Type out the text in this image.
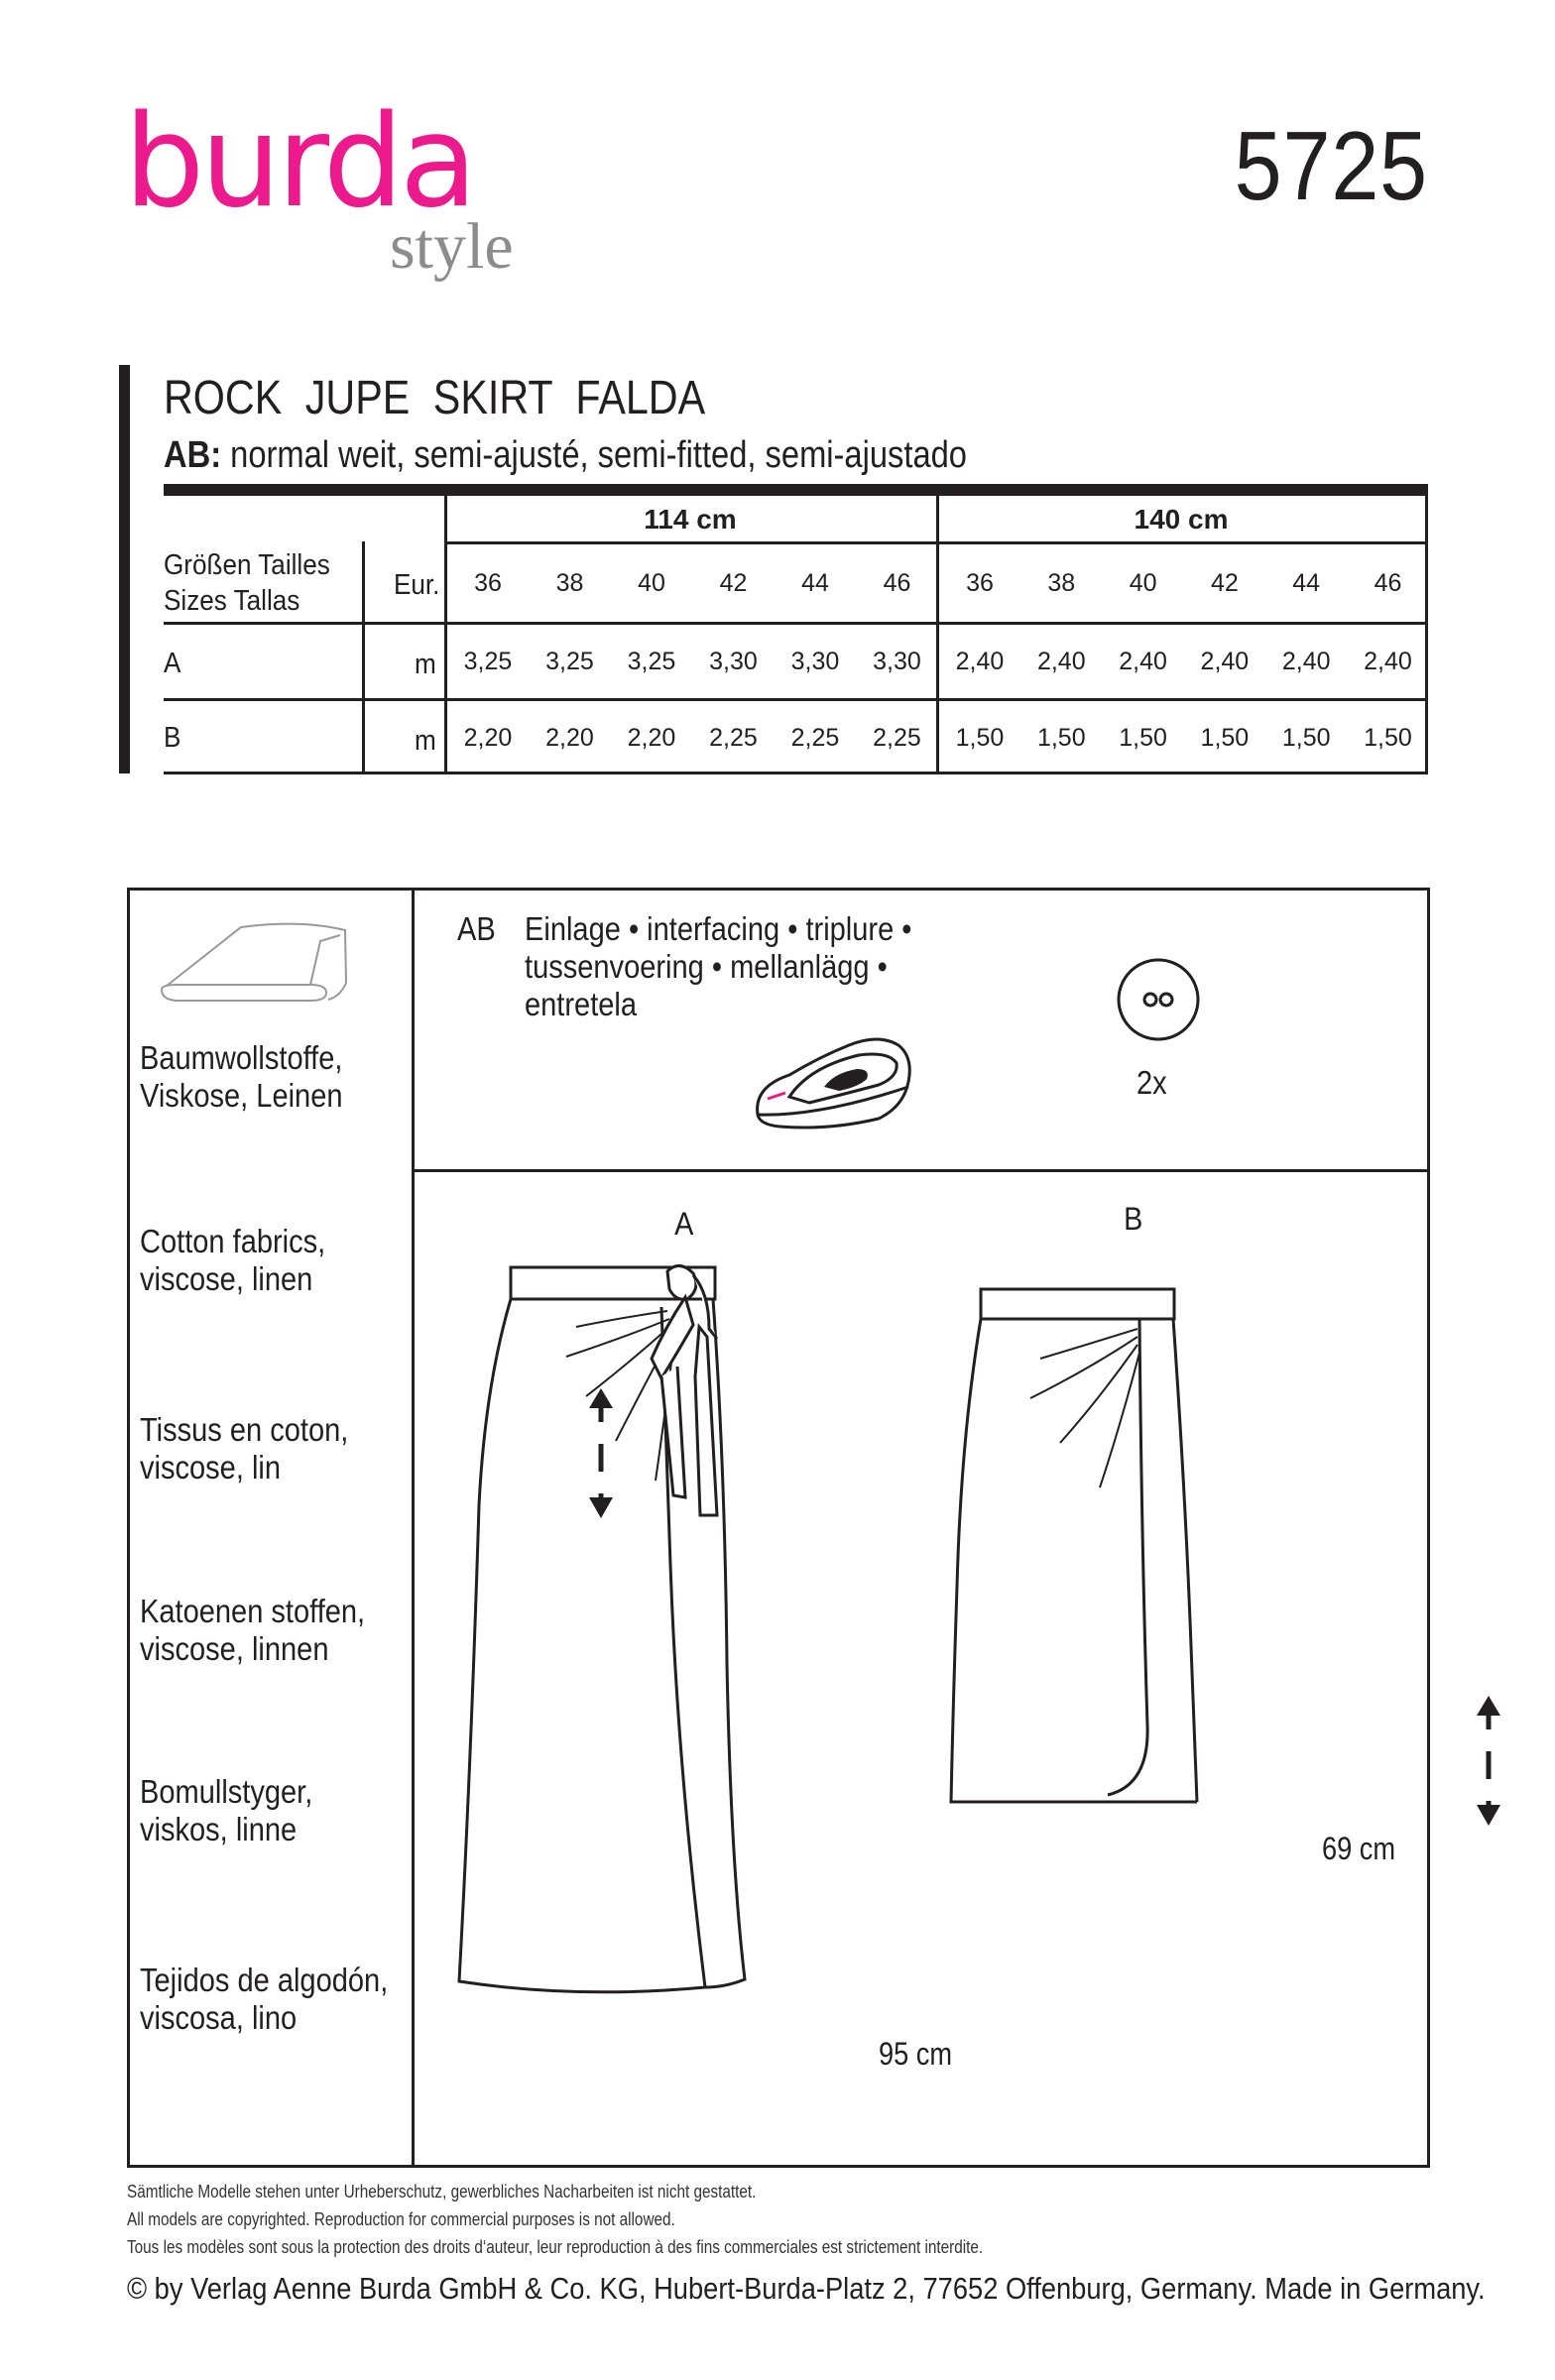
burda
style
5725
ROCK JUPE SKIRT FALDA
AB: normal weit, semi-ajusté, semi-fitted, semi-ajustado
114 cm	140 cm
Größen Tailles
Sizes Tallas	Eur.	36	38	40	42	44	46	36	38	40	42	44	46
A	m	3,25	3,25	3,25	3,30	3,30	3,30	2,40	2,40	2,40	2,40	2,40	2,40
B	m	2,20	2,20	2,20	2,25	2,25	2,25	1,50	1,50	1,50	1,50	1,50	1,50
Baumwollstoffe,
Viskose, Leinen
Cotton fabrics,
viscose, linen
Tissus en coton,
viscose, lin
Katoenen stoffen,
viscose, linnen
Bomullstyger,
viskos, linne
Tejidos de algodón,
viscosa, lino
AB Einlage • interfacing • triplure •
tussenvoering • mellanlägg •
entretela
2x
A
95 cm
B
69 cm
Sämtliche Modelle stehen unter Urheberschutz, gewerbliches Nacharbeiten ist nicht gestattet.
All models are copyrighted. Reproduction for commercial purposes is not allowed.
Tous les modèles sont sous la protection des droits d‘auteur, leur reproduction à des fins commerciales est strictement interdite.
© by Verlag Aenne Burda GmbH & Co. KG, Hubert-Burda-Platz 2, 77652 Offenburg, Germany. Made in Germany.
